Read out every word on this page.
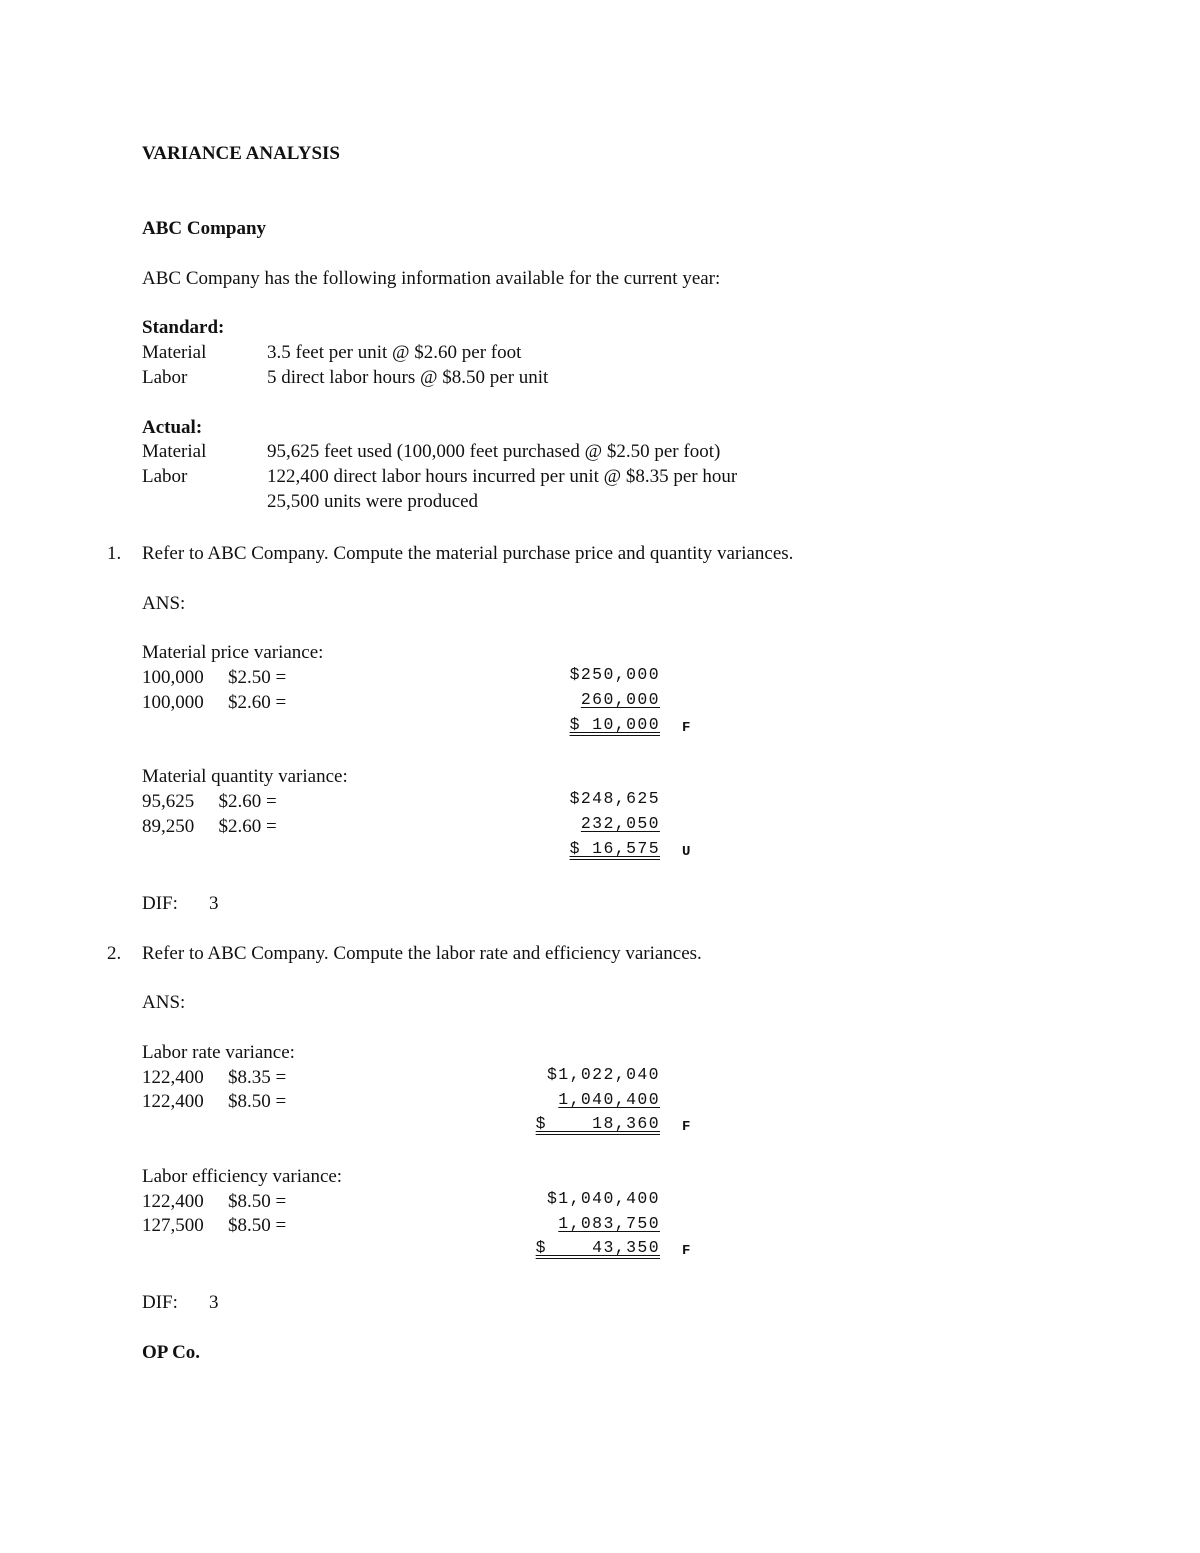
VARIANCE ANALYSIS

ABC Company

ABC Company has the following information available for the current year:

Standard:

Material	3.5 feet per unit @ $2.60 per foot

Labor	5 direct labor hours @ $8.50 per unit

Actual:

Material	95,625 feet used (100,000 feet purchased @ $2.50 per foot)

Labor	122,400 direct labor hours incurred per unit @ $8.35 per hour

25,500 units were produced

1. Refer to ABC Company. Compute the material purchase price and quantity variances.

ANS:

Material price variance:

100,000   $2.50 =	$250,000

100,000   $2.60 =	260,000

$ 10,000 F

Material quantity variance:

95,625   $2.60 =	$248,625

89,250   $2.60 =	232,050

$ 16,575 U

DIF: 3

2. Refer to ABC Company. Compute the labor rate and efficiency variances.

ANS:

Labor rate variance:

122,400   $8.35 =	$1,022,040

122,400   $8.50 =	1,040,400

$    18,360 F

Labor efficiency variance:

122,400   $8.50 =	$1,040,400

127,500   $8.50 =	1,083,750

$    43,350 F

DIF: 3

OP Co.
